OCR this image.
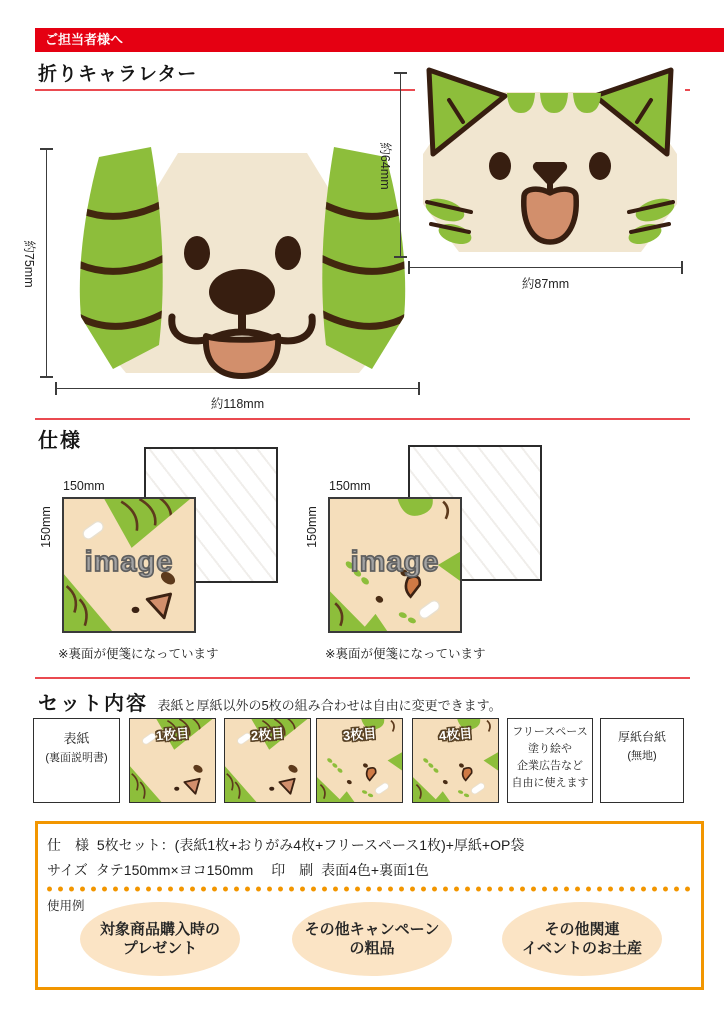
ご担当者様へ
折りキャラレター
約75mm
約118mm
約64mm
約87mm
仕様
150mm
150mm
image
※裏面が便箋になっています
150mm
150mm
image
※裏面が便箋になっています
セット内容 表紙と厚紙以外の5枚の組み合わせは自由に変更できます。
表紙
(裏面説明書)
1枚目	2枚目	3枚目	4枚目	フリースペース
塗り絵や
企業広告など
自由に使えます
厚紙台紙
(無地)
仕　様 5枚セット：(表紙1枚+おりがみ4枚+フリースペース1枚)+厚紙+OP袋
サイズ タテ150mm×ヨコ150mm 印　刷 表面4色+裏面1色
使用例
対象商品購入時の
プレゼント
その他キャンペーン
の粗品
その他関連
イベントのお土産
